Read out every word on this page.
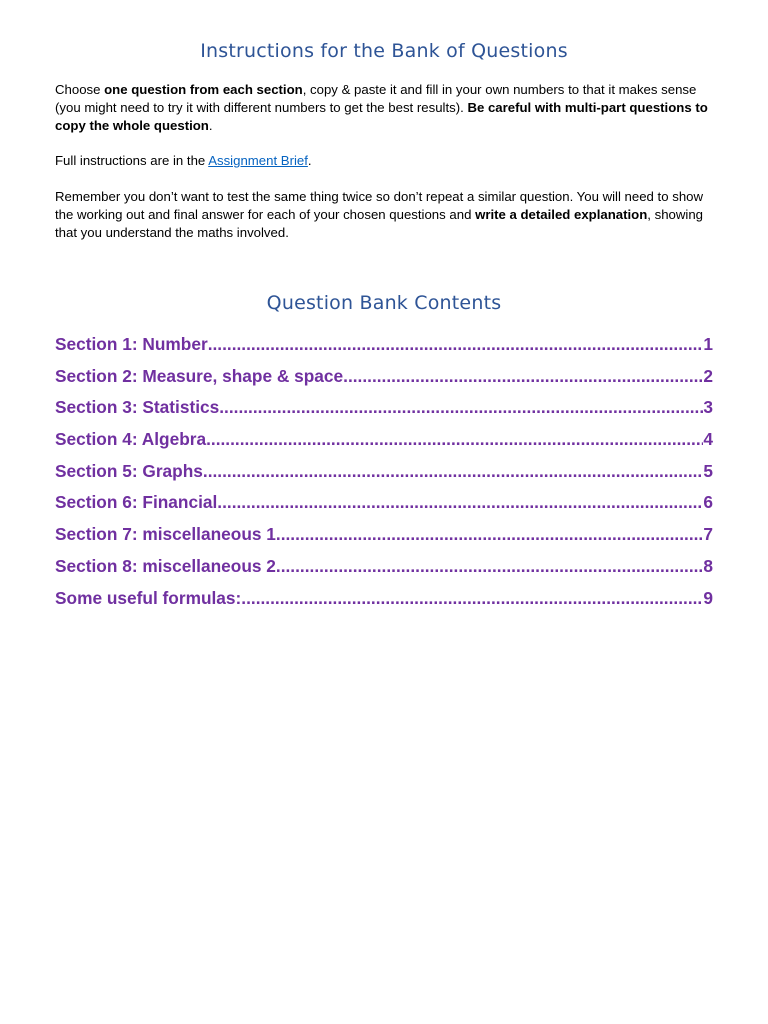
Instructions for the Bank of Questions

Choose one question from each section, copy & paste it and fill in your own numbers to that it makes sense (you might need to try it with different numbers to get the best results). Be careful with multi-part questions to copy the whole question.

Full instructions are in the Assignment Brief.

Remember you don’t want to test the same thing twice so don’t repeat a similar question. You will need to show the working out and final answer for each of your chosen questions and write a detailed explanation, showing that you understand the maths involved.

Question Bank Contents
Section 1: Number .....	1
Section 2: Measure, shape & space .....	2
Section 3: Statistics .....	3
Section 4: Algebra .....	4
Section 5: Graphs .....	5
Section 6: Financial .....	6
Section 7: miscellaneous 1 .....	7
Section 8: miscellaneous 2 .....	8
Some useful formulas: .....	9
